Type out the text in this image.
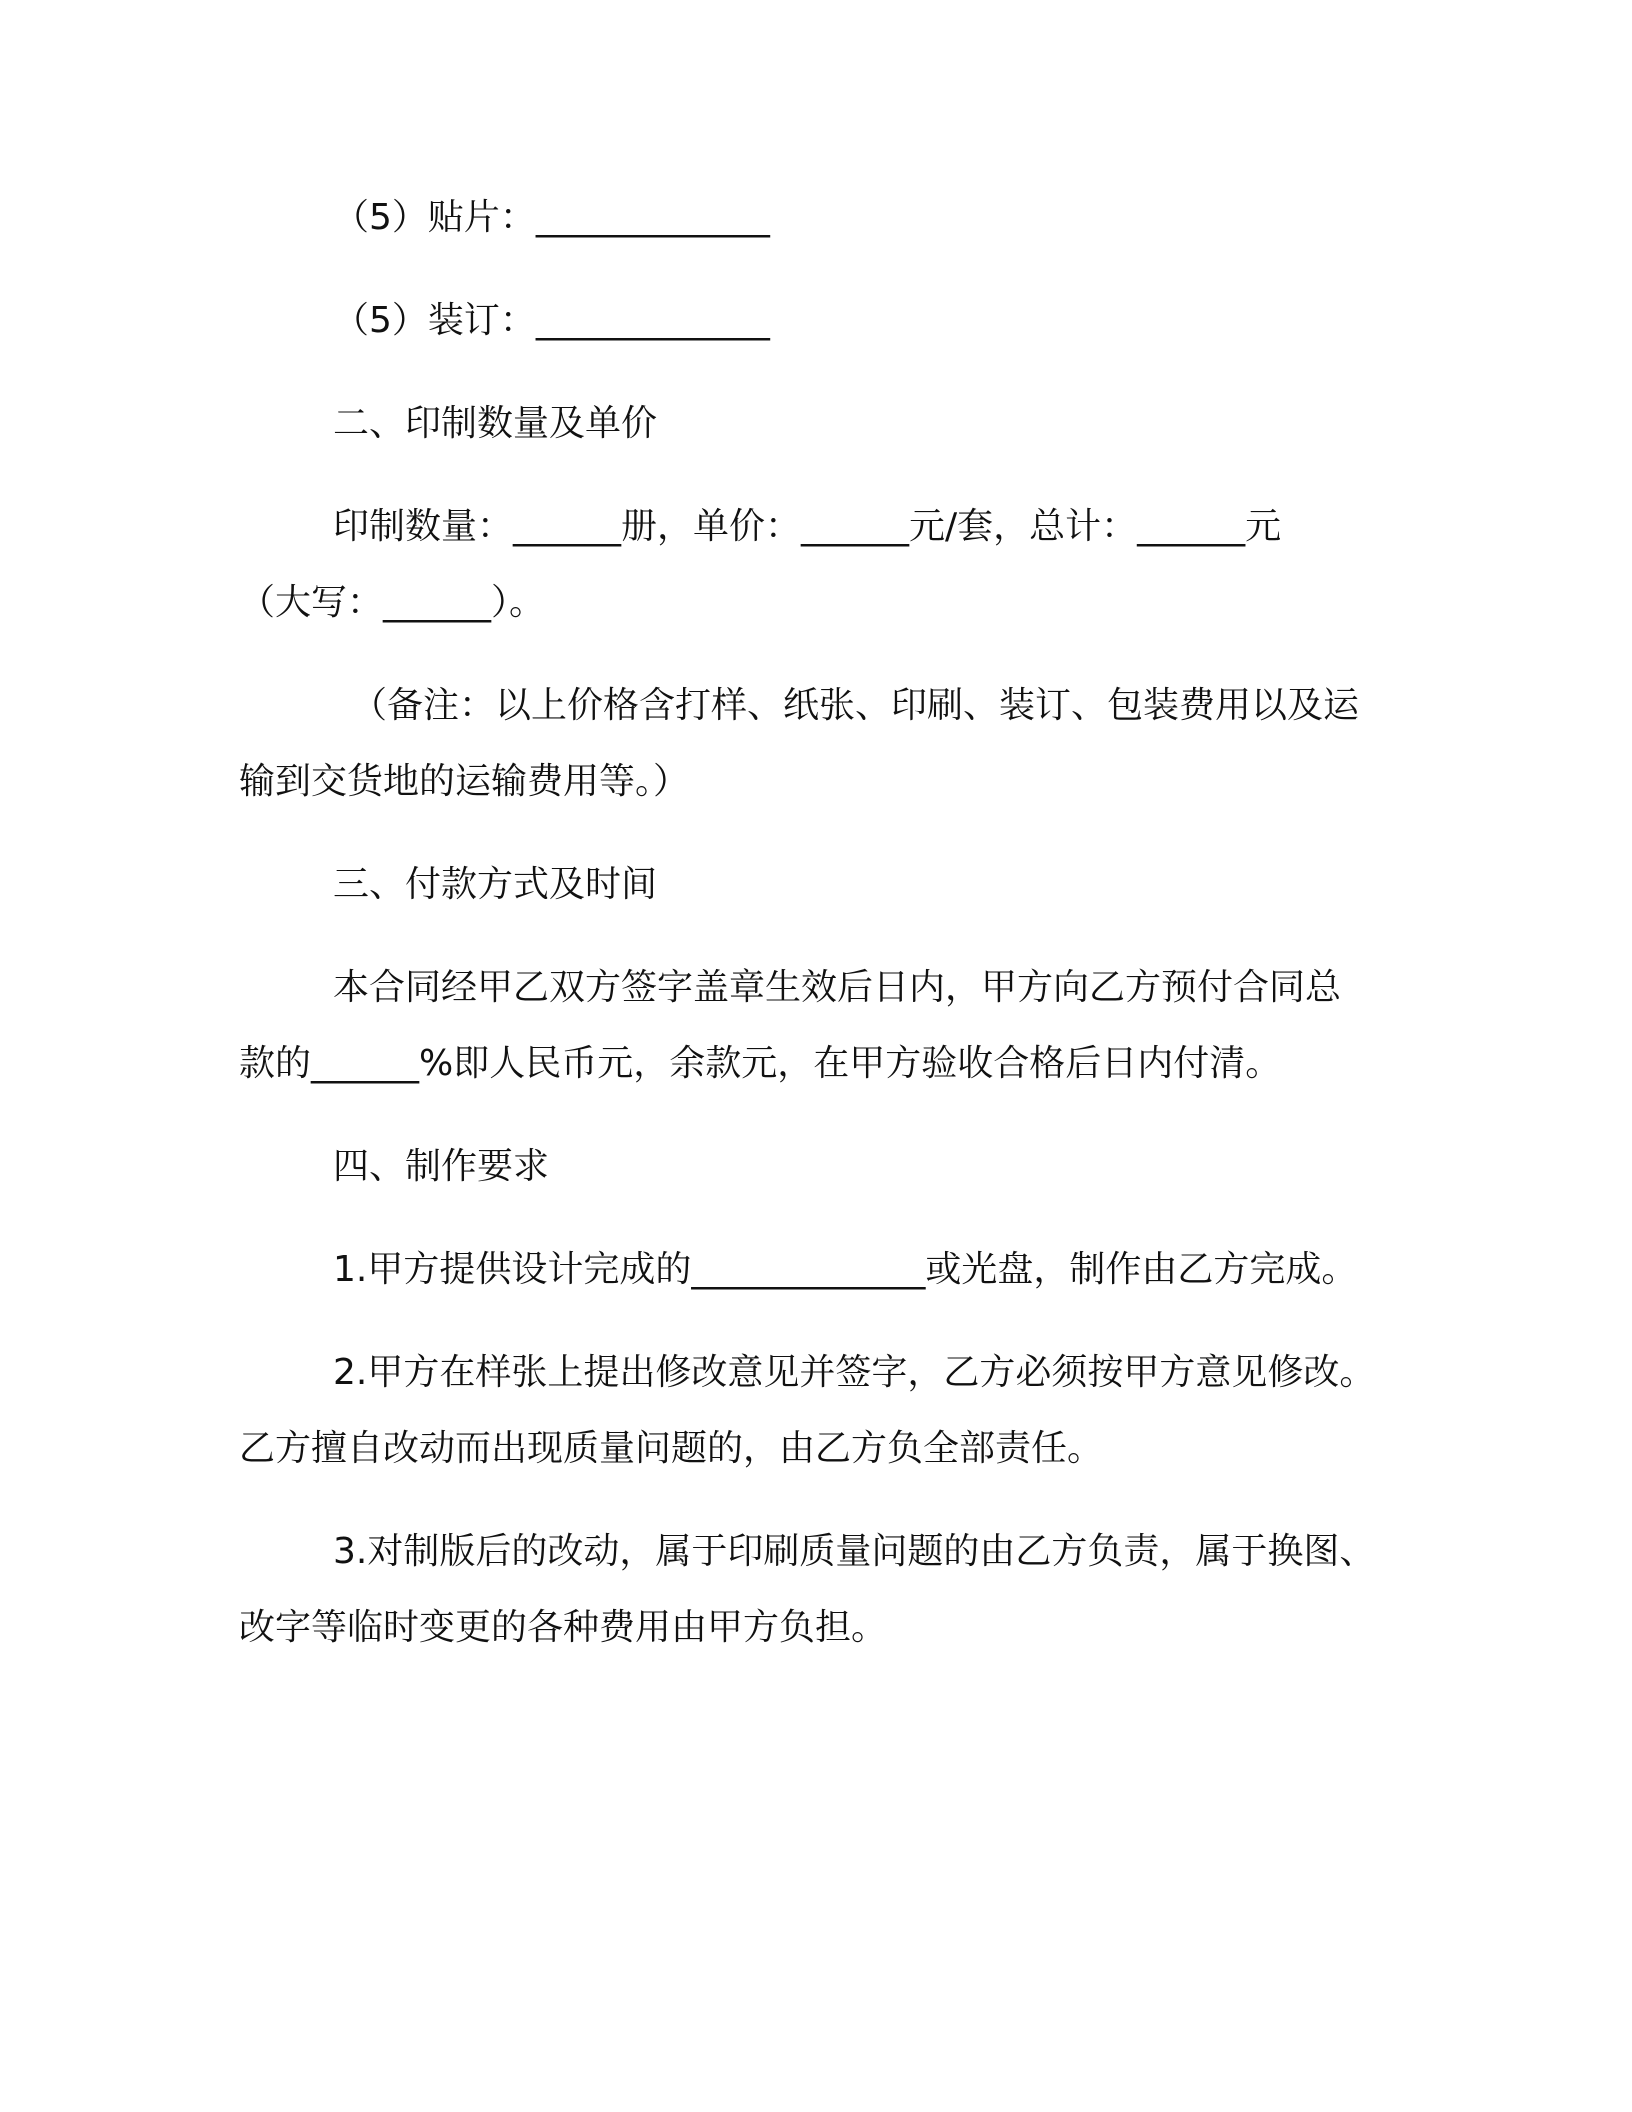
（5）贴片：_____________
（5）装订：_____________
二、印制数量及单价
印制数量：______册，单价：______元/套，总计：______元
（大写：______）。
（备注：以上价格含打样、纸张、印刷、装订、包装费用以及运
输到交货地的运输费用等。）
三、付款方式及时间
本合同经甲乙双方签字盖章生效后日内，甲方向乙方预付合同总
款的______%即人民币元，余款元，在甲方验收合格后日内付清。
四、制作要求
1.甲方提供设计完成的_____________或光盘，制作由乙方完成。
2.甲方在样张上提出修改意见并签字，乙方必须按甲方意见修改。
乙方擅自改动而出现质量问题的，由乙方负全部责任。
3.对制版后的改动，属于印刷质量问题的由乙方负责，属于换图、
改字等临时变更的各种费用由甲方负担。
